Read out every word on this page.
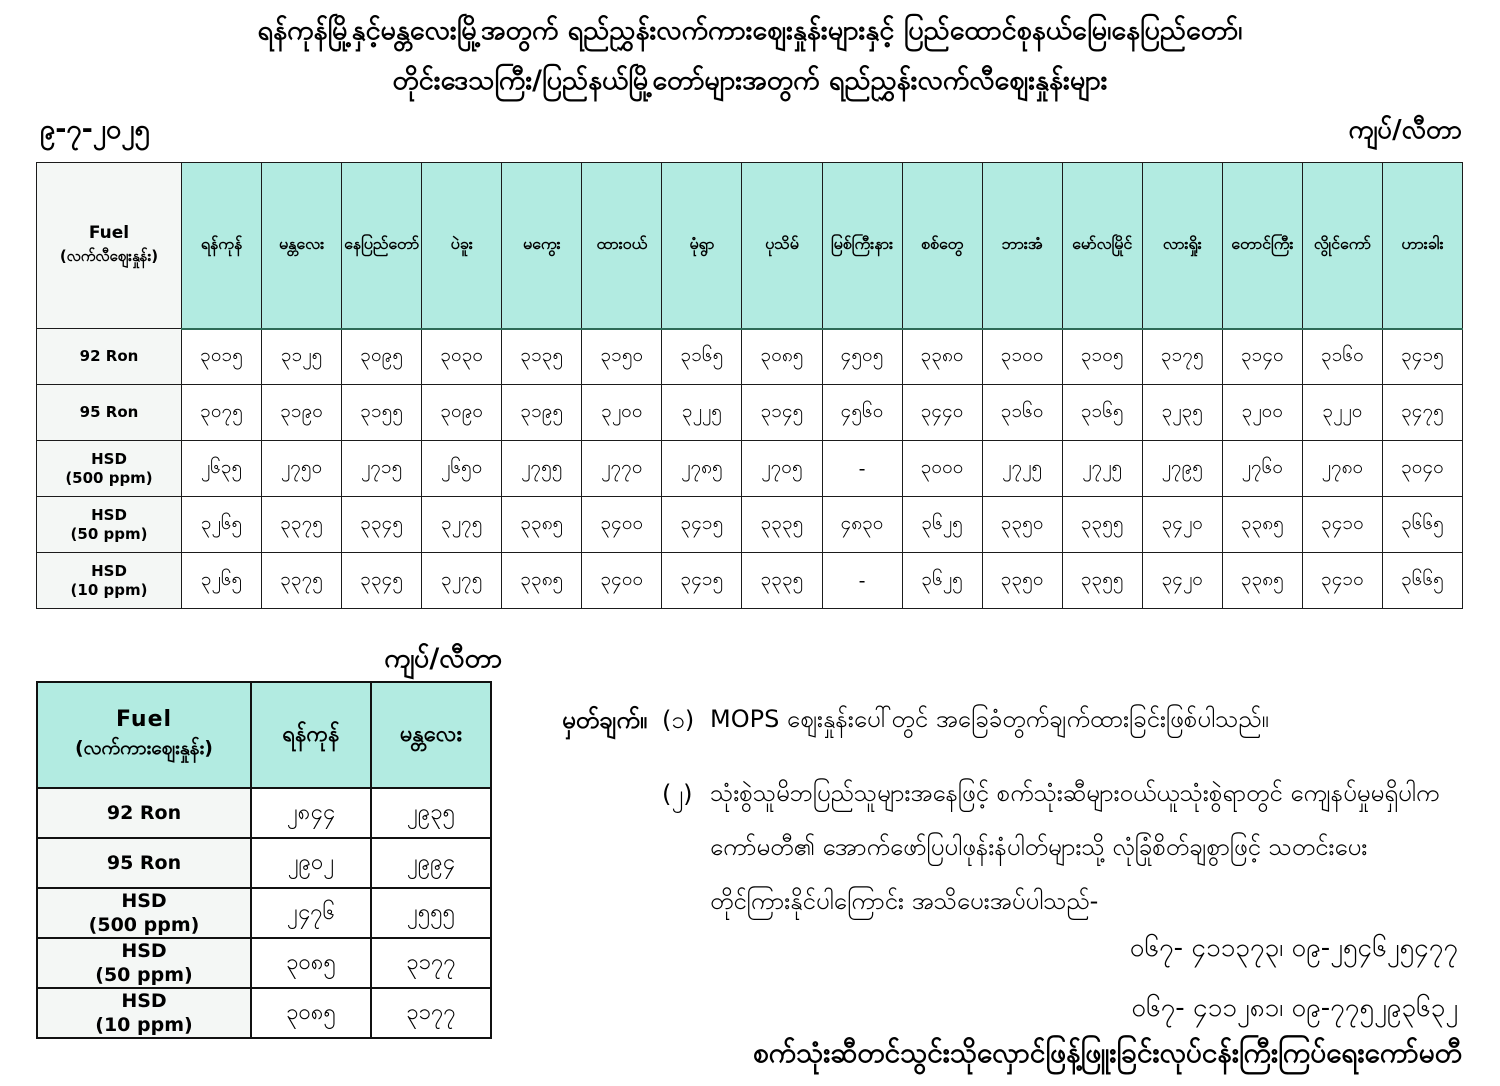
ရန်ကုန်မြို့နှင့်မန္တလေးမြို့အတွက် ရည်ညွှန်းလက်ကားဈေးနှုန်းများနှင့် ပြည်ထောင်စုနယ်မြေ၊နေပြည်တော်၊
တိုင်းဒေသကြီး/ပြည်နယ်မြို့တော်များအတွက် ရည်ညွှန်းလက်လီဈေးနှုန်းများ
၉-၇-၂၀၂၅	ကျပ်/လီတာ
Fuel
(လက်လီဈေးနှုန်း)	ရန်ကုန်	မန္တလေး	နေပြည်တော်	ပဲခူး	မကွေး	ထားဝယ်	မုံရွာ	ပုသိမ်	မြစ်ကြီးနား	စစ်တွေ	ဘားအံ	မော်လမြိုင်	လားရှိုး	တောင်ကြီး	လွိုင်ကော်	ဟားခါး

92 Ron	၃၀၁၅	၃၁၂၅	၃၀၉၅	၃၀၃၀	၃၁၃၅	၃၁၅၀	၃၁၆၅	၃၀၈၅	၄၅၀၅	၃၃၈၀	၃၁၀၀	၃၁၀၅	၃၁၇၅	၃၁၄၀	၃၁၆၀	၃၄၁၅

95 Ron	၃၀၇၅	၃၁၉၀	၃၁၅၅	၃၀၉၀	၃၁၉၅	၃၂၀၀	၃၂၂၅	၃၁၄၅	၄၅၆၀	၃၄၄၀	၃၁၆၀	၃၁၆၅	၃၂၃၅	၃၂၀၀	၃၂၂၀	၃၄၇၅

HSD
(500 ppm)	၂၆၃၅	၂၇၅၀	၂၇၁၅	၂၆၅၀	၂၇၅၅	၂၇၇၀	၂၇၈၅	၂၇၀၅	-	၃၀၀၀	၂၇၂၅	၂၇၂၅	၂၇၉၅	၂၇၆၀	၂၇၈၀	၃၀၄၀

HSD
(50 ppm)	၃၂၆၅	၃၃၇၅	၃၃၄၅	၃၂၇၅	၃၃၈၅	၃၄၀၀	၃၄၁၅	၃၃၃၅	၄၈၃၀	၃၆၂၅	၃၃၅၀	၃၃၅၅	၃၄၂၀	၃၃၈၅	၃၄၁၀	၃၆၆၅

HSD
(10 ppm)	၃၂၆၅	၃၃၇၅	၃၃၄၅	၃၂၇၅	၃၃၈၅	၃၄၀၀	၃၄၁၅	၃၃၃၅	-	၃၆၂၅	၃၃၅၀	၃၃၅၅	၃၄၂၀	၃၃၈၅	၃၄၁၀	၃၆၆၅
ကျပ်/လီတာ
Fuel
(လက်ကားဈေးနှုန်း)	ရန်ကုန်	မန္တလေး

92 Ron	၂၈၄၄	၂၉၃၅

95 Ron	၂၉၀၂	၂၉၉၄

HSD
(500 ppm)	၂၄၇၆	၂၅၅၅

HSD
(50 ppm)	၃၀၈၅	၃၁၇၇

HSD
(10 ppm)	၃၀၈၅	၃၁၇၇
မှတ်ချက်။ (၁) MOPS ဈေးနှုန်းပေါ်တွင် အခြေခံတွက်ချက်ထားခြင်းဖြစ်ပါသည်။
(၂) သုံးစွဲသူမိဘပြည်သူများအနေဖြင့် စက်သုံးဆီများဝယ်ယူသုံးစွဲရာတွင် ကျေနပ်မှုမရှိပါက
ကော်မတီ၏ အောက်ဖော်ပြပါဖုန်းနံပါတ်များသို့ လုံခြုံစိတ်ချစွာဖြင့် သတင်းပေး
တိုင်ကြားနိုင်ပါကြောင်း အသိပေးအပ်ပါသည်-
၀၆၇- ၄၁၁၃၇၃၊ ၀၉-၂၅၄၆၂၅၄၇၇
၀၆၇- ၄၁၁၂၈၁၊ ၀၉-၇၇၅၂၉၃၆၃၂
စက်သုံးဆီတင်သွင်းသိုလှောင်ဖြန့်ဖြူးခြင်းလုပ်ငန်းကြီးကြပ်ရေးကော်မတီ
